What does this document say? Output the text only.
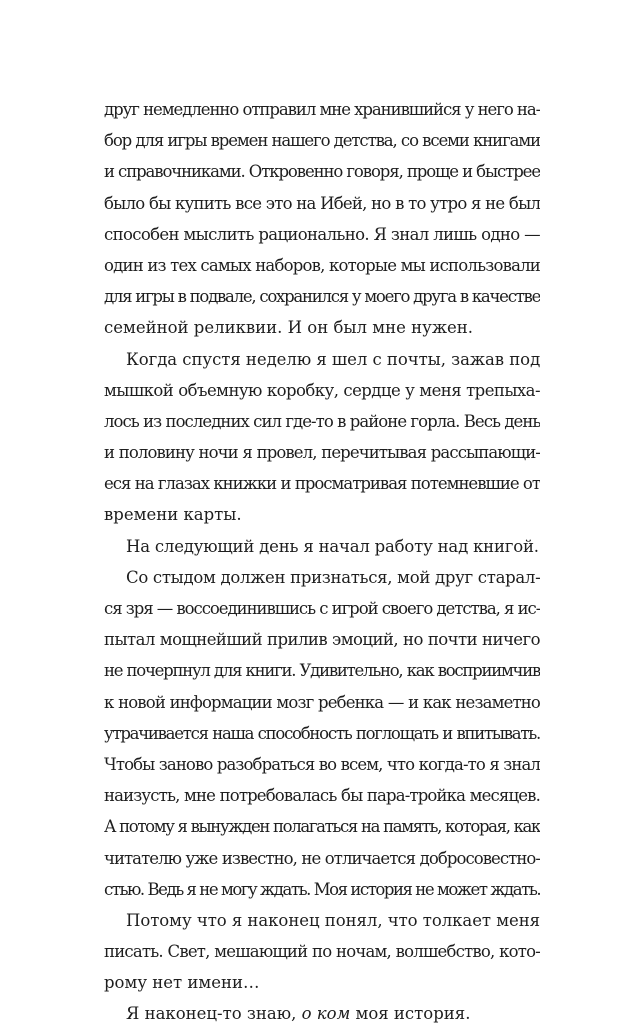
друг немедленно отправил мне хранившийся у него на-
бор для игры времен нашего детства, со всеми книгами
и справочниками. Откровенно говоря, проще и быстрее
было бы купить все это на Ибей, но в то утро я не был
способен мыслить рационально. Я знал лишь одно —
один из тех самых наборов, которые мы использовали
для игры в подвале, сохранился у моего друга в качестве
семейной реликвии. И он был мне нужен.
Когда спустя неделю я шел с почты, зажав под
мышкой объемную коробку, сердце у меня трепыха-
лось из последних сил где-то в районе горла. Весь день
и половину ночи я провел, перечитывая рассыпающи-
еся на глазах книжки и просматривая потемневшие от
времени карты.
На следующий день я начал работу над книгой.
Со стыдом должен признаться, мой друг старал-
ся зря — воссоединившись с игрой своего детства, я ис-
пытал мощнейший прилив эмоций, но почти ничего
не почерпнул для книги. Удивительно, как восприимчив
к новой информации мозг ребенка — и как незаметно
утрачивается наша способность поглощать и впитывать.
Чтобы заново разобраться во всем, что когда-то я знал
наизусть, мне потребовалась бы пара-тройка месяцев.
А потому я вынужден полагаться на память, которая, как
читателю уже известно, не отличается добросовестно-
стью. Ведь я не могу ждать. Моя история не может ждать.
Потому что я наконец понял, что толкает меня
писать. Свет, мешающий по ночам, волшебство, кото-
рому нет имени…
Я наконец-то знаю, о ком моя история.
